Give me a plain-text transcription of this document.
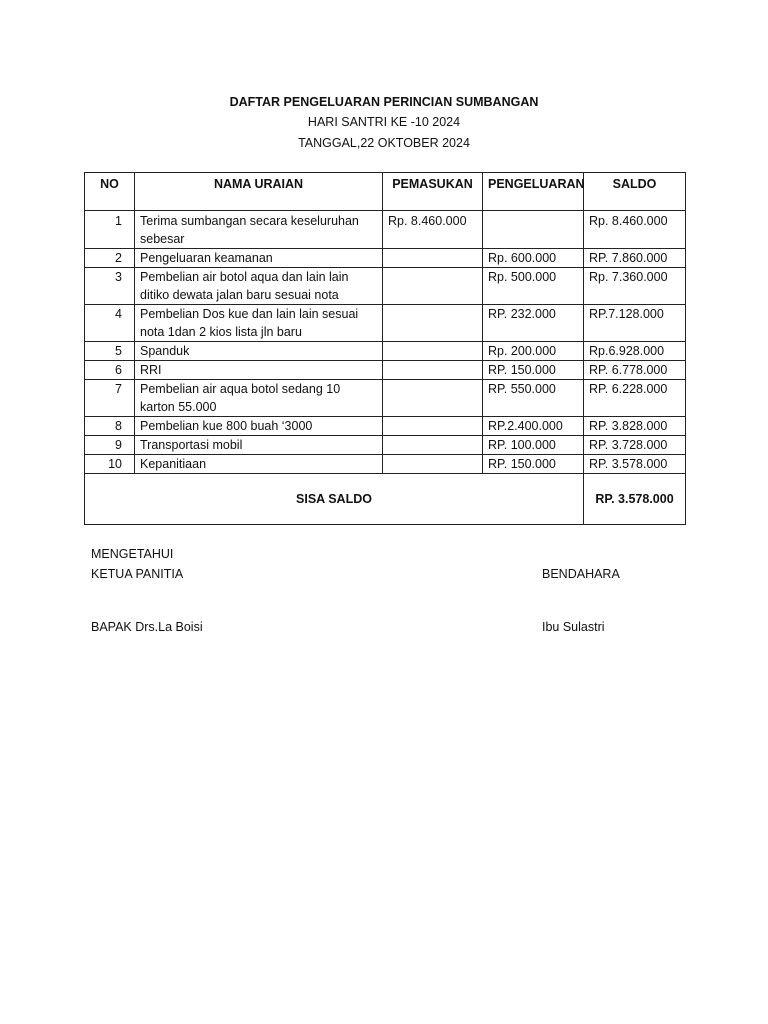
DAFTAR PENGELUARAN PERINCIAN SUMBANGAN
HARI SANTRI KE -10 2024
TANGGAL,22 OKTOBER 2024
NO	NAMA URAIAN	PEMASUKAN	PENGELUARAN	SALDO
1	Terima sumbangan secara keseluruhan sebesar	Rp. 8.460.000		Rp. 8.460.000
2	Pengeluaran keamanan		Rp. 600.000	RP. 7.860.000
3	Pembelian air botol aqua dan lain lain ditiko dewata jalan baru sesuai nota		Rp. 500.000	Rp. 7.360.000
4	Pembelian Dos kue dan lain lain sesuai nota 1dan 2 kios lista jln baru		RP. 232.000	RP.7.128.000
5	Spanduk		Rp. 200.000	Rp.6.928.000
6	RRI		RP. 150.000	RP. 6.778.000
7	Pembelian air aqua botol sedang 10 karton 55.000		RP. 550.000	RP. 6.228.000
8	Pembelian kue 800 buah ‘3000		RP.2.400.000	RP. 3.828.000
9	Transportasi mobil		RP. 100.000	RP. 3.728.000
10	Kepanitiaan		RP. 150.000	RP. 3.578.000
SISA SALDO				RP. 3.578.000
MENGETAHUI
KETUA PANITIA	BENDAHARA
BAPAK Drs.La Boisi	Ibu Sulastri
